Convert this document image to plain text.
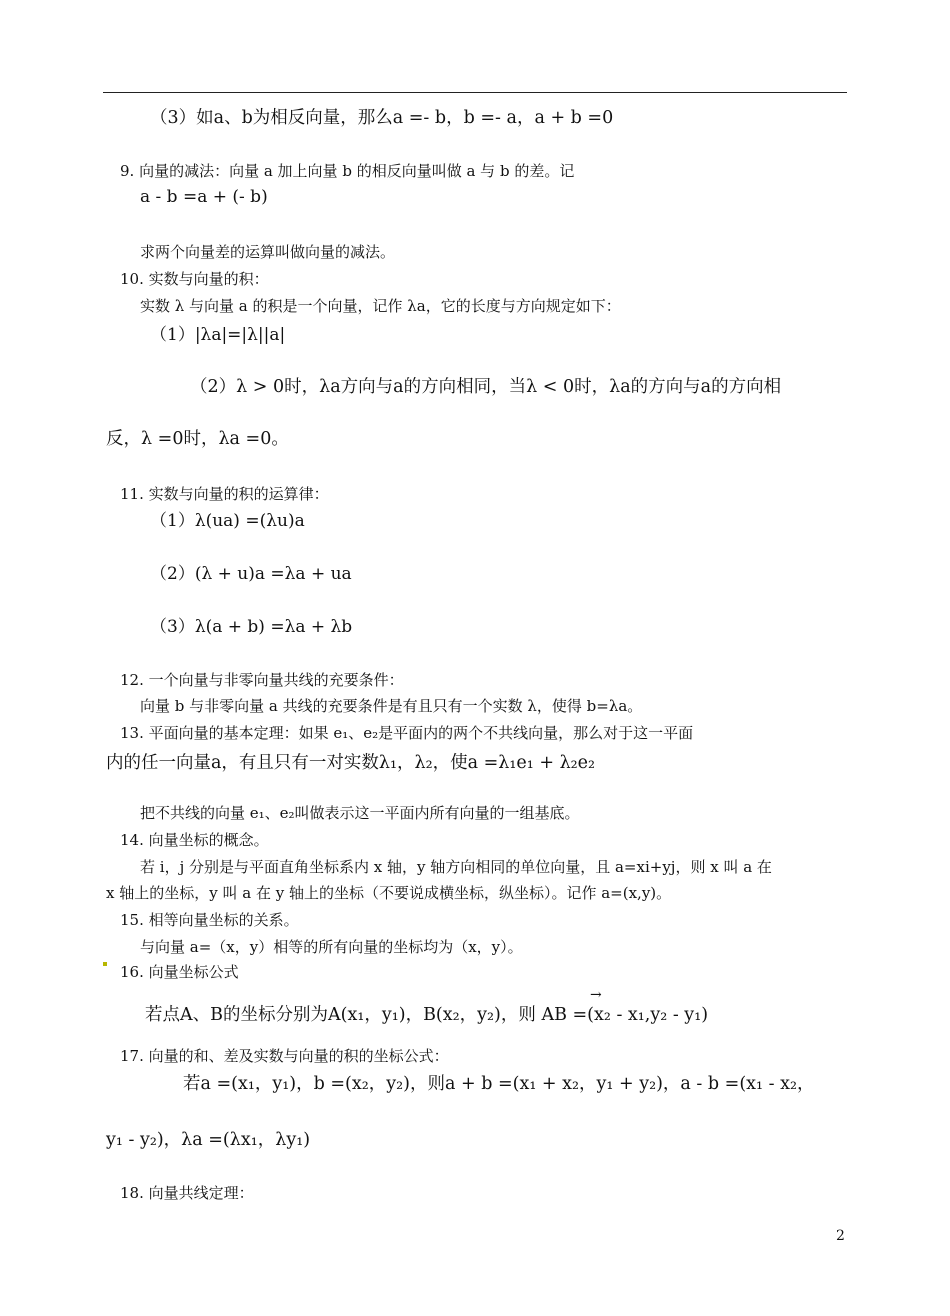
（3）如a、b为相反向量，那么a =- b，b =- a，a + b =0
9. 向量的减法：向量 a 加上向量 b 的相反向量叫做 a 与 b 的差。记
a - b =a + (- b)
求两个向量差的运算叫做向量的减法。
10. 实数与向量的积：
实数 λ 与向量 a 的积是一个向量，记作 λa，它的长度与方向规定如下：
（1）|λa|=|λ||a|
（2）λ > 0时，λa方向与a的方向相同，当λ < 0时，λa的方向与a的方向相
反，λ =0时，λa =0。
11. 实数与向量的积的运算律：
（1）λ(ua) =(λu)a
（2）(λ + u)a =λa + ua
（3）λ(a + b) =λa + λb
12. 一个向量与非零向量共线的充要条件：
向量 b 与非零向量 a 共线的充要条件是有且只有一个实数 λ，使得 b=λa。
13. 平面向量的基本定理：如果 e₁、e₂是平面内的两个不共线向量，那么对于这一平面
内的任一向量a，有且只有一对实数λ₁，λ₂，使a =λ₁e₁ + λ₂e₂
把不共线的向量 e₁、e₂叫做表示这一平面内所有向量的一组基底。
14. 向量坐标的概念。
若 i，j 分别是与平面直角坐标系内 x 轴，y 轴方向相同的单位向量，且 a=xi+yj，则 x 叫 a 在
x 轴上的坐标，y 叫 a 在 y 轴上的坐标（不要说成横坐标，纵坐标）。记作 a=(x,y)。
15. 相等向量坐标的关系。
与向量 a=（x，y）相等的所有向量的坐标均为（x，y）。
16. 向量坐标公式
→
若点A、B的坐标分别为A(x₁，y₁)，B(x₂，y₂)，则 AB =(x₂ - x₁,y₂ - y₁)
17. 向量的和、差及实数与向量的积的坐标公式：
若a =(x₁，y₁)，b =(x₂，y₂)，则a + b =(x₁ + x₂，y₁ + y₂)，a - b =(x₁ - x₂，
y₁ - y₂)，λa =(λx₁，λy₁)
18. 向量共线定理：
2
